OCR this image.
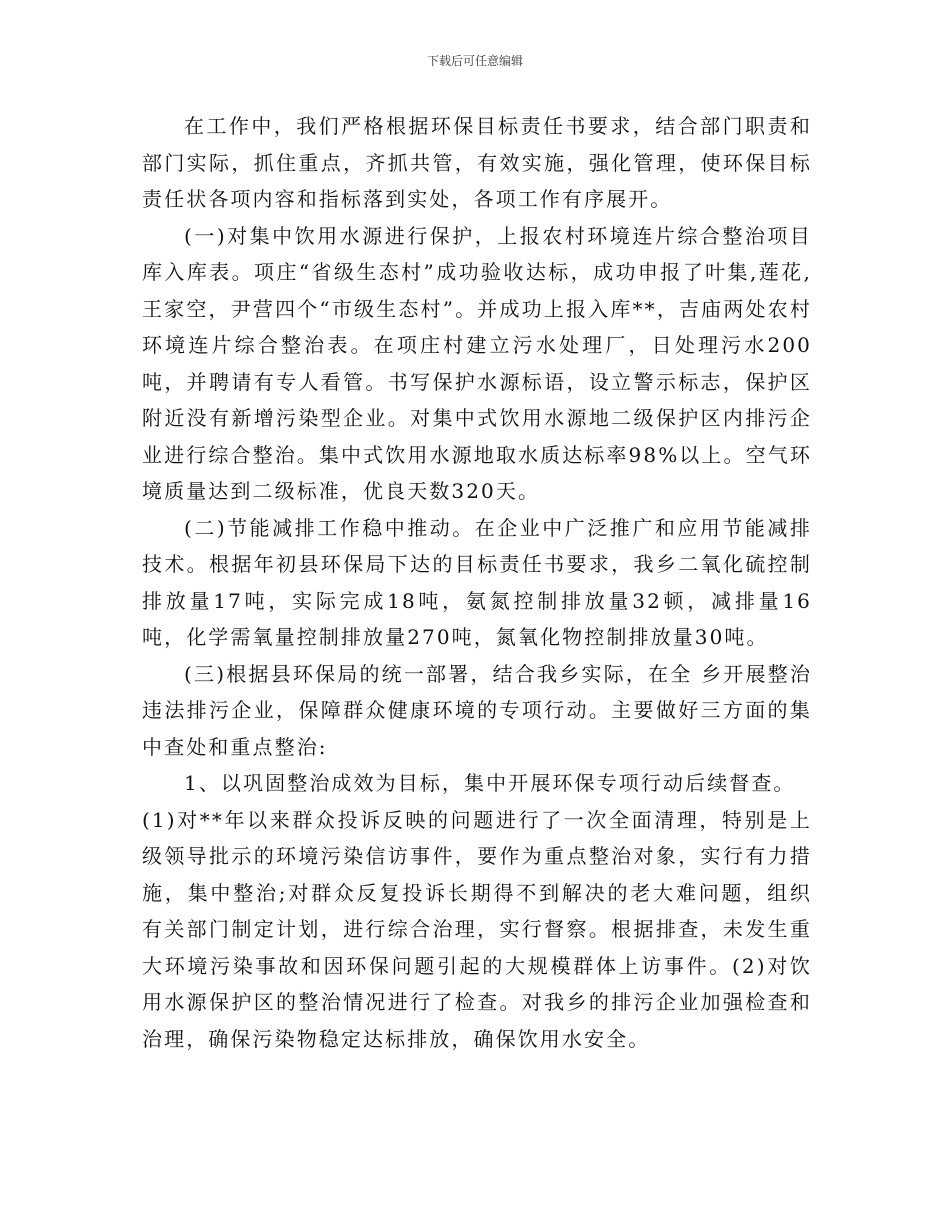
下载后可任意编辑

在工作中，我们严格根据环保目标责任书要求，结合部门职责和部门实际，抓住重点，齐抓共管，有效实施，强化管理，使环保目标责任状各项内容和指标落到实处，各项工作有序展开。

(一)对集中饮用水源进行保护，上报农村环境连片综合整治项目库入库表。项庄“省级生态村”成功验收达标，成功申报了叶集,莲花,王家空，尹营四个“市级生态村”。并成功上报入库**，吉庙两处农村环境连片综合整治表。在项庄村建立污水处理厂，日处理污水200吨，并聘请有专人看管。书写保护水源标语，设立警示标志，保护区附近没有新增污染型企业。对集中式饮用水源地二级保护区内排污企业进行综合整治。集中式饮用水源地取水质达标率98%以上。空气环境质量达到二级标准，优良天数320天。

(二)节能减排工作稳中推动。在企业中广泛推广和应用节能减排技术。根据年初县环保局下达的目标责任书要求，我乡二氧化硫控制排放量17吨，实际完成18吨，氨氮控制排放量32顿，减排量16吨，化学需氧量控制排放量270吨，氮氧化物控制排放量30吨。

(三)根据县环保局的统一部署，结合我乡实际，在全 乡开展整治违法排污企业，保障群众健康环境的专项行动。主要做好三方面的集中查处和重点整治:

1、以巩固整治成效为目标，集中开展环保专项行动后续督查。

(1)对**年以来群众投诉反映的问题进行了一次全面清理，特别是上级领导批示的环境污染信访事件，要作为重点整治对象，实行有力措施，集中整治;对群众反复投诉长期得不到解决的老大难问题，组织有关部门制定计划，进行综合治理，实行督察。根据排查，未发生重大环境污染事故和因环保问题引起的大规模群体上访事件。(2)对饮用水源保护区的整治情况进行了检查。对我乡的排污企业加强检查和治理，确保污染物稳定达标排放，确保饮用水安全。
